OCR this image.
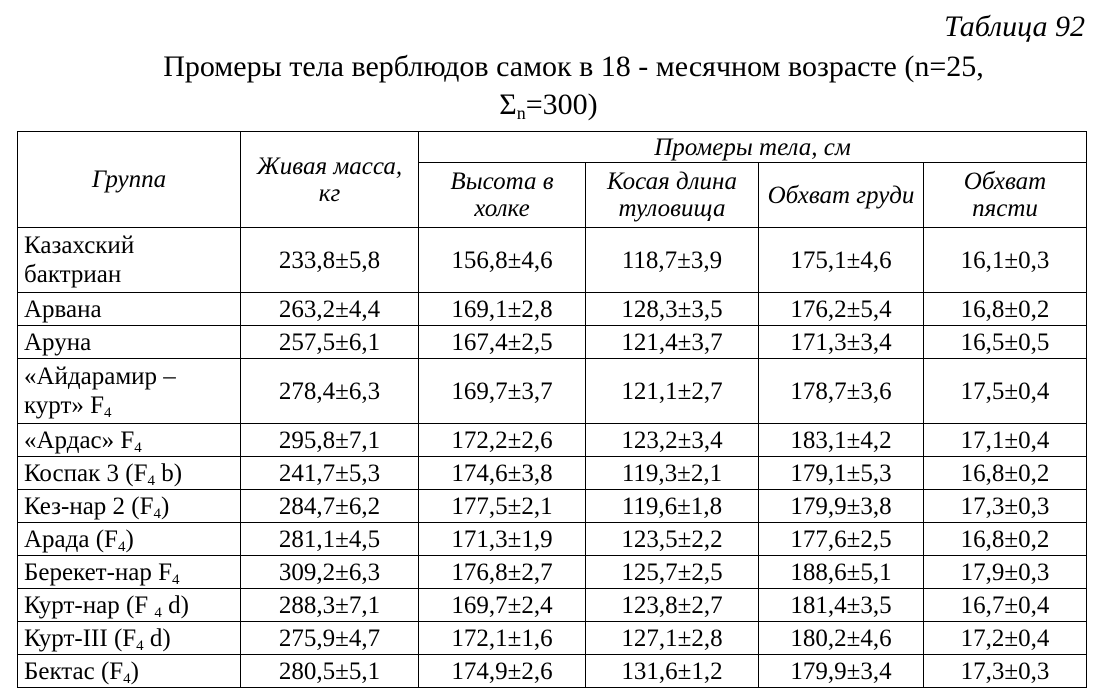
Таблица 92
Промеры тела верблюдов самок в 18 - месячном возрасте (n=25,
$\Sigma_n=300$)
Группа	Живая масса, кг	Промеры тела, см			
		Высота в холке	Косая длина туловища	Обхват груди	Обхват пясти
Казахский бактриан	233,8±5,8	156,8±4,6	118,7±3,9	175,1±4,6	16,1±0,3
Арвана	263,2±4,4	169,1±2,8	128,3±3,5	176,2±5,4	16,8±0,2
Аруна	257,5±6,1	167,4±2,5	121,4±3,7	171,3±3,4	16,5±0,5
«Айдарамир – курт» $F_4$	278,4±6,3	169,7±3,7	121,1±2,7	178,7±3,6	17,5±0,4
«Ардас» $F_4$	295,8±7,1	172,2±2,6	123,2±3,4	183,1±4,2	17,1±0,4
Коспак 3 ($F_4$ b)	241,7±5,3	174,6±3,8	119,3±2,1	179,1±5,3	16,8±0,2
Кез-нар 2 $(F_4)$	284,7±6,2	177,5±2,1	119,6±1,8	179,9±3,8	17,3±0,3
Арада $(F_4)$	281,1±4,5	171,3±1,9	123,5±2,2	177,6±2,5	16,8±0,2
Берекет-нар $F_4$	309,2±6,3	176,8±2,7	125,7±2,5	188,6±5,1	17,9±0,3
Курт-нар (F $_4$ d)	288,3±7,1	169,7±2,4	123,8±2,7	181,4±3,5	16,7±0,4
Курт-III ($F_4$ d)	275,9±4,7	172,1±1,6	127,1±2,8	180,2±4,6	17,2±0,4
Бектас $(F_4)$	280,5±5,1	174,9±2,6	131,6±1,2	179,9±3,4	17,3±0,3
